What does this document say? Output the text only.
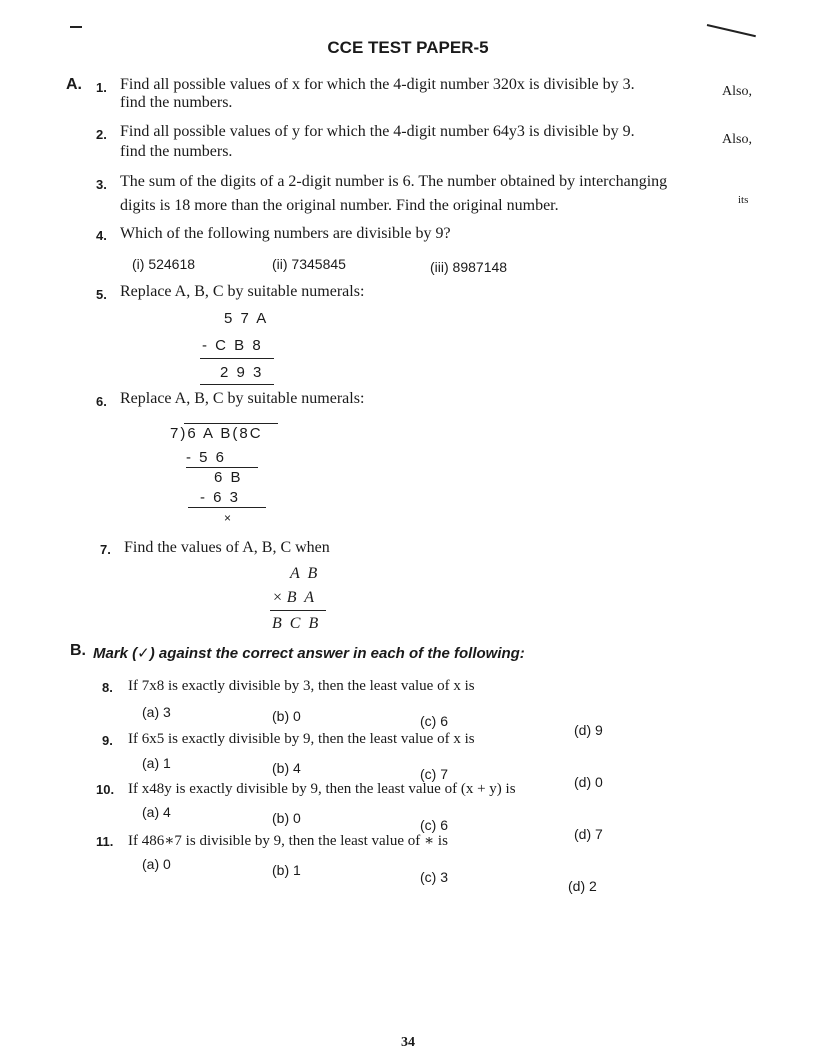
CCE TEST PAPER-5
A. 1. Find all possible values of x for which the 4-digit number 320x is divisible by 3.	Also,
find the numbers.
2. Find all possible values of y for which the 4-digit number 64y3 is divisible by 9.	Also,
find the numbers.
3. The sum of the digits of a 2-digit number is 6. The number obtained by interchanging
its
digits is 18 more than the original number. Find the original number.
4. Which of the following numbers are divisible by 9?
(i) 524618	(ii) 7345845	(iii) 8987148
5. Replace A, B, C by suitable numerals:
5 7 A
- C B 8
2 9 3
6. Replace A, B, C by suitable numerals:
7)6 A B(8C
- 5 6
6 B
- 6 3
×
7. Find the values of A, B, C when
A  B
× B  A
B  C  B
B. Mark (✓) against the correct answer in each of the following:
8. If 7x8 is exactly divisible by 3, then the least value of x is
(a) 3	(b) 0	(c) 6
(d) 9
9. If 6x5 is exactly divisible by 9, then the least value of x is
(a) 1	(b) 4	(c) 7	(d) 0
10. If x48y is exactly divisible by 9, then the least value of (x + y) is
(a) 4	(b) 0	(c) 6
(d) 7
11. If 486∗7 is divisible by 9, then the least value of ∗ is
(a) 0	(b) 1	(c) 3
(d) 2
34
